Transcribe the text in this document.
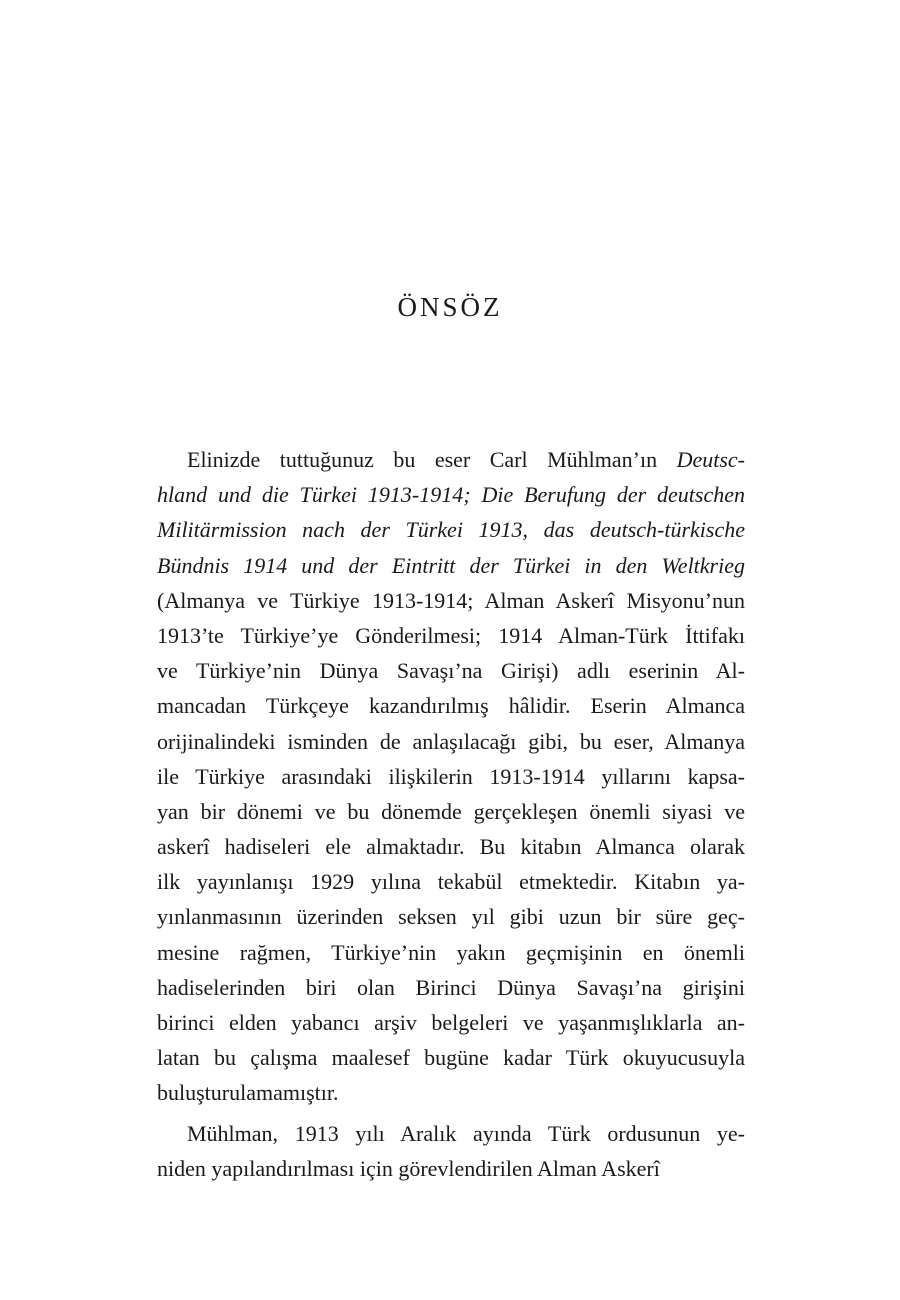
ÖNSÖZ
Elinizde tuttuğunuz bu eser Carl Mühlman’ın Deutsc-
hland und die Türkei 1913-1914; Die Berufung der deutschen
Militärmission nach der Türkei 1913, das deutsch-türkische
Bündnis 1914 und der Eintritt der Türkei in den Weltkrieg
(Almanya ve Türkiye 1913-1914; Alman Askerî Misyonu’nun
1913’te Türkiye’ye Gönderilmesi; 1914 Alman-Türk İttifakı
ve Türkiye’nin Dünya Savaşı’na Girişi) adlı eserinin Al-
mancadan Türkçeye kazandırılmış hâlidir. Eserin Almanca
orijinalindeki isminden de anlaşılacağı gibi, bu eser, Almanya
ile Türkiye arasındaki ilişkilerin 1913-1914 yıllarını kapsa-
yan bir dönemi ve bu dönemde gerçekleşen önemli siyasi ve
askerî hadiseleri ele almaktadır. Bu kitabın Almanca olarak
ilk yayınlanışı 1929 yılına tekabül etmektedir. Kitabın ya-
yınlanmasının üzerinden seksen yıl gibi uzun bir süre geç-
mesine rağmen, Türkiye’nin yakın geçmişinin en önemli
hadiselerinden biri olan Birinci Dünya Savaşı’na girişini
birinci elden yabancı arşiv belgeleri ve yaşanmışlıklarla an-
latan bu çalışma maalesef bugüne kadar Türk okuyucusuyla
buluşturulamamıştır.
Mühlman, 1913 yılı Aralık ayında Türk ordusunun ye-
niden yapılandırılması için görevlendirilen Alman Askerî
